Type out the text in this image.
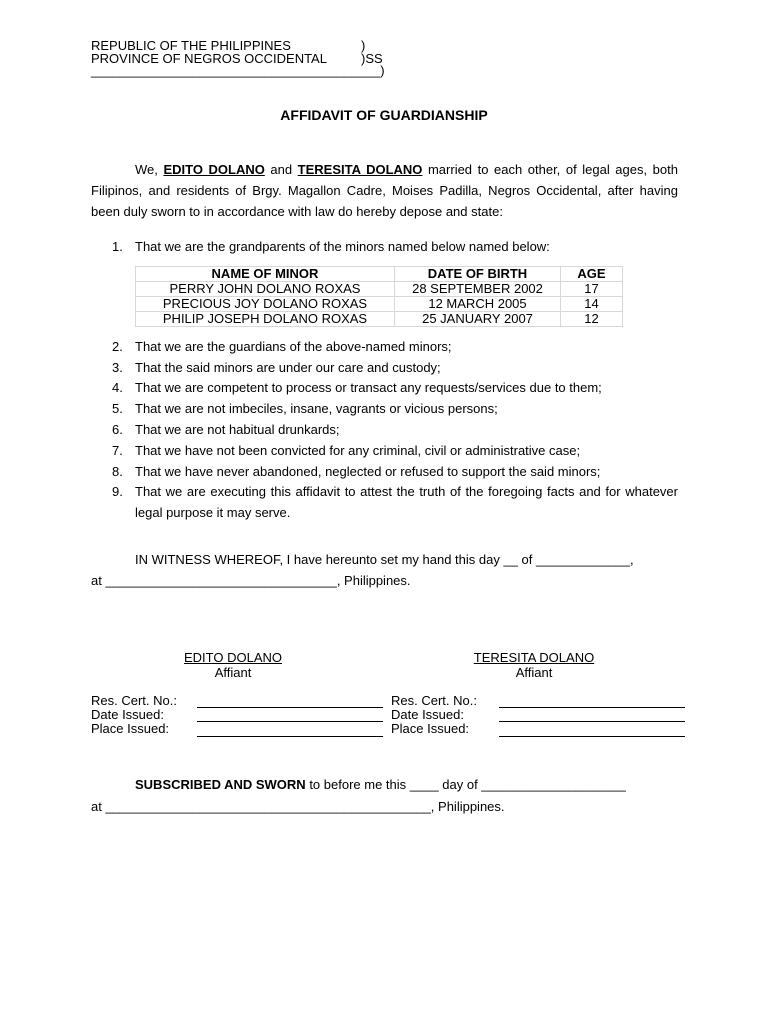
REPUBLIC OF THE PHILIPPINES	)
PROVINCE OF NEGROS OCCIDENTAL	)SS
________________________________________)
AFFIDAVIT OF GUARDIANSHIP

We, EDITO DOLANO and TERESITA DOLANO married to each other, of legal ages, both Filipinos, and residents of Brgy. Magallon Cadre, Moises Padilla, Negros Occidental, after having been duly sworn to in accordance with law do hereby depose and state:

1. That we are the grandparents of the minors named below named below:
NAME OF MINOR	DATE OF BIRTH	AGE
PERRY JOHN DOLANO ROXAS	28 SEPTEMBER 2002	17
PRECIOUS JOY DOLANO ROXAS	12 MARCH 2005	14
PHILIP JOSEPH DOLANO ROXAS	25 JANUARY 2007	12
2. That we are the guardians of the above-named minors;
3. That the said minors are under our care and custody;
4. That we are competent to process or transact any requests/services due to them;
5. That we are not imbeciles, insane, vagrants or vicious persons;
6. That we are not habitual drunkards;
7. That we have not been convicted for any criminal, civil or administrative case;
8. That we have never abandoned, neglected or refused to support the said minors;
9. That we are executing this affidavit to attest the truth of the foregoing facts and for whatever legal purpose it may serve.
IN WITNESS WHEREOF, I have hereunto set my hand this day __ of _____________,
at ________________________________, Philippines.
EDITO DOLANO
Affiant
TERESITA DOLANO
Affiant
Res. Cert. No.:
Date Issued:
Place Issued:
Res. Cert. No.:
Date Issued:
Place Issued:
SUBSCRIBED AND SWORN to before me this ____ day of ____________________
at _____________________________________________, Philippines.
